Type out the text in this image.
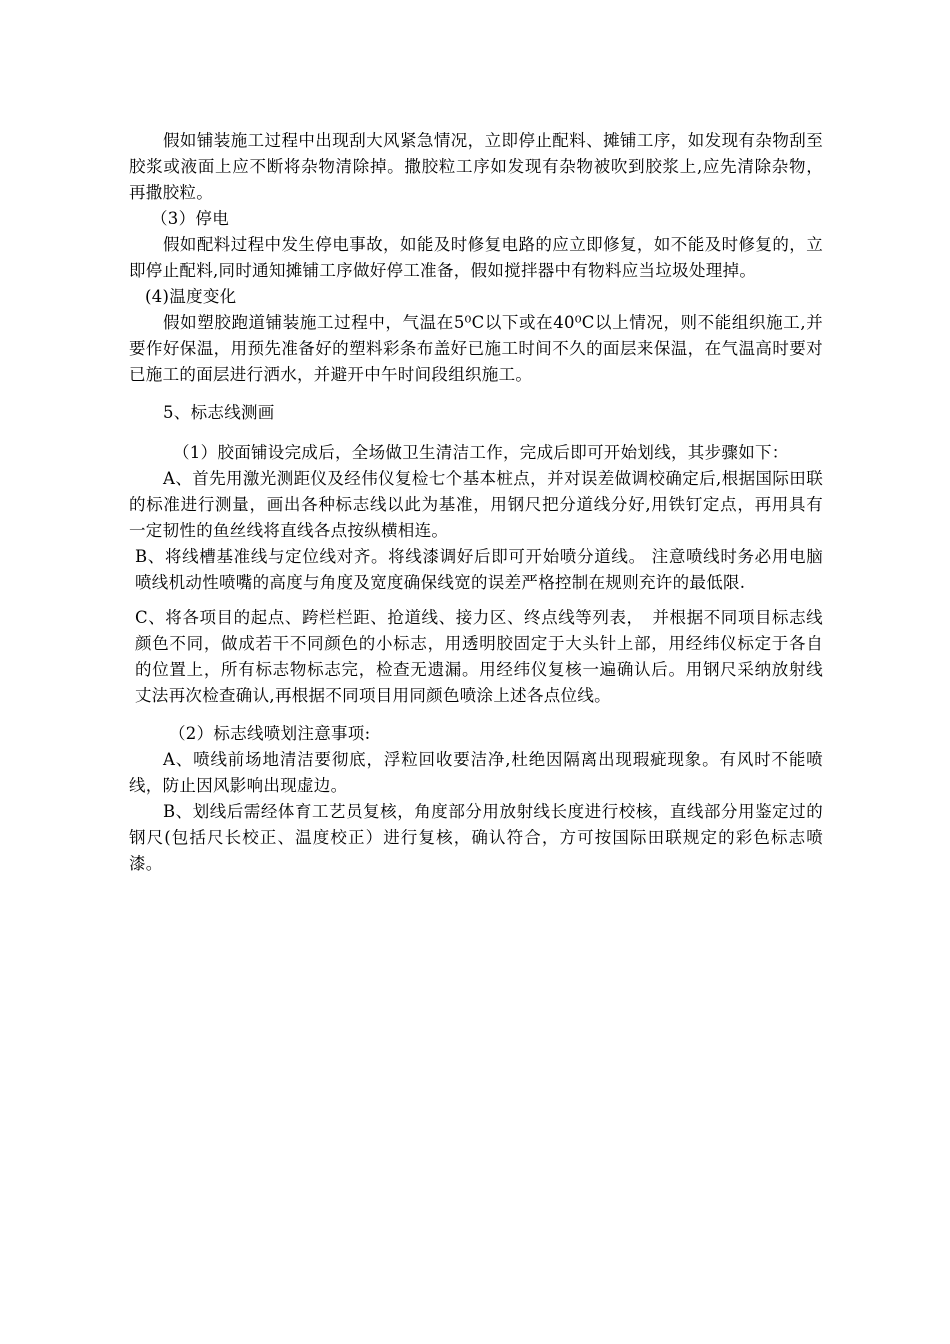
假如铺装施工过程中出现刮大风紧急情况，立即停止配料、摊铺工序，如发现有杂物刮至胶浆或液面上应不断将杂物清除掉。撒胶粒工序如发现有杂物被吹到胶浆上,应先清除杂物，再撒胶粒。

（3）停电

假如配料过程中发生停电事故，如能及时修复电路的应立即修复，如不能及时修复的，立即停止配料,同时通知摊铺工序做好停工准备，假如搅拌器中有物料应当垃圾处理掉。

(4)温度变化

假如塑胶跑道铺装施工过程中，气温在5⁰C以下或在40⁰C以上情况，则不能组织施工,并要作好保温，用预先准备好的塑料彩条布盖好已施工时间不久的面层来保温，在气温高时要对已施工的面层进行洒水，并避开中午时间段组织施工。

5、标志线测画

（1）胶面铺设完成后，全场做卫生清洁工作，完成后即可开始划线，其步骤如下：

A、首先用激光测距仪及经伟仪复检七个基本桩点，并对误差做调校确定后,根据国际田联的标准进行测量，画出各种标志线以此为基准，用钢尺把分道线分好,用铁钉定点，再用具有一定韧性的鱼丝线将直线各点按纵横相连。

B、将线槽基准线与定位线对齐。将线漆调好后即可开始喷分道线。 注意喷线时务必用电脑喷线机动性喷嘴的高度与角度及宽度确保线宽的误差严格控制在规则充许的最低限.

C、将各项目的起点、跨栏栏距、抢道线、接力区、终点线等列表，　并根据不同项目标志线颜色不同，做成若干不同颜色的小标志，用透明胶固定于大头针上部，用经纬仪标定于各自的位置上，所有标志物标志完，检查无遗漏。用经纬仪复核一遍确认后。用钢尺采纳放射线丈法再次检查确认,再根据不同项目用同颜色喷涂上述各点位线。

（2）标志线喷划注意事项:

A、喷线前场地清洁要彻底，浮粒回收要洁净,杜绝因隔离出现瑕疵现象。有风时不能喷线，防止因风影响出现虚边。

B、划线后需经体育工艺员复核，角度部分用放射线长度进行校核，直线部分用鉴定过的钢尺(包括尺长校正、温度校正）进行复核，确认符合，方可按国际田联规定的彩色标志喷漆。
